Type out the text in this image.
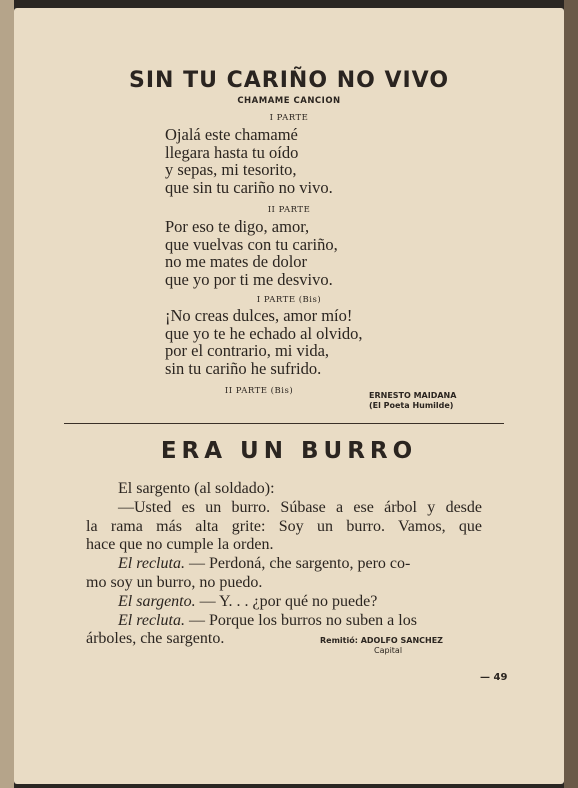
SIN TU CARIÑO NO VIVO
CHAMAME CANCION
I PARTE
Ojalá este chamamé
llegara hasta tu oído
y sepas, mi tesorito,
que sin tu cariño no vivo.
II PARTE
Por eso te digo, amor,
que vuelvas con tu cariño,
no me mates de dolor
que yo por ti me desvivo.
I PARTE (Bis)
¡No creas dulces, amor mío!
que yo te he echado al olvido,
por el contrario, mi vida,
sin tu cariño he sufrido.
II PARTE (Bis)	ERNESTO MAIDANA
(El Poeta Humilde)
ERA UN BURRO
El sargento (al soldado):
—Usted es un burro. Súbase a ese árbol y desde
la rama más alta grite: Soy un burro. Vamos, que
hace que no cumple la orden.
El recluta. — Perdoná, che sargento, pero co-
mo soy un burro, no puedo.
El sargento. — Y. . . ¿por qué no puede?
El recluta. — Porque los burros no suben a los
árboles, che sargento.	Remitió: ADOLFO SANCHEZ
Capital
— 49
